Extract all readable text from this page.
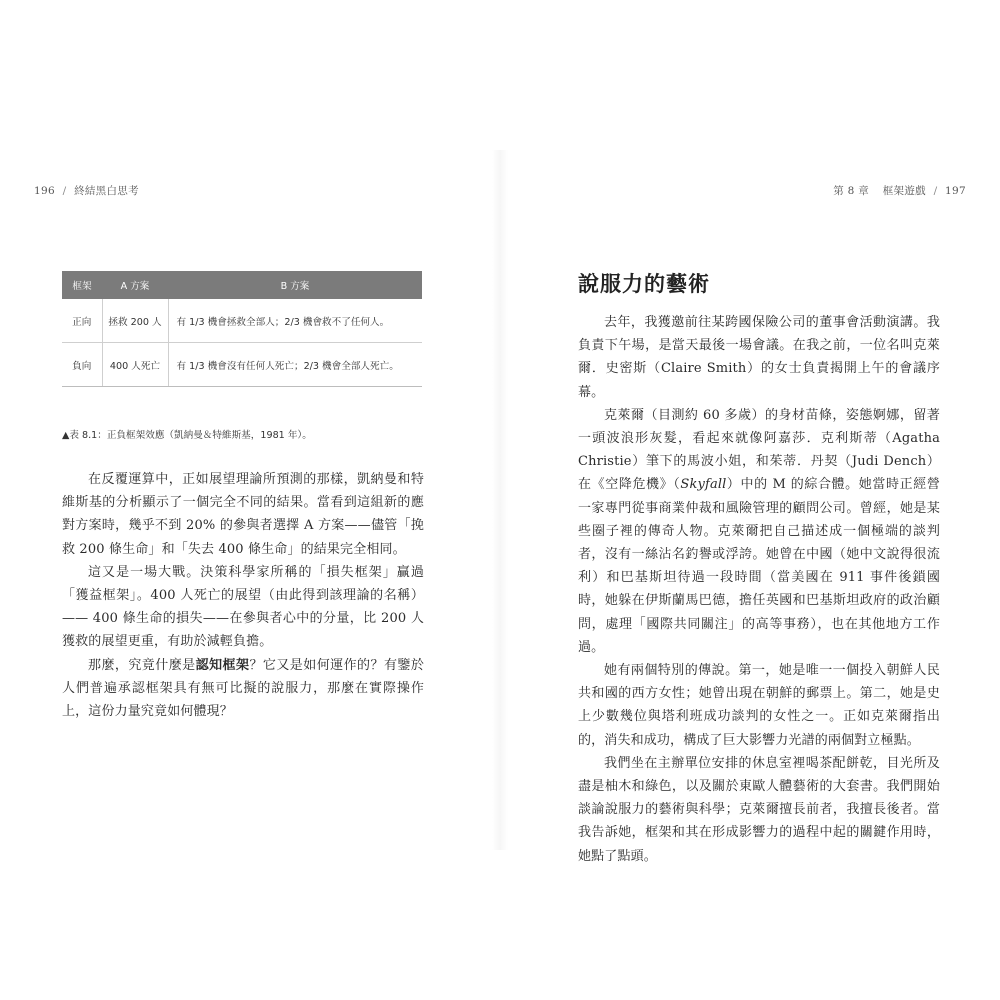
196 / 終結黑白思考	第 8 章 框架遊戲 / 197
框架	A 方案	B 方案
正向	拯救 200 人	有 1/3 機會拯救全部人；2/3 機會救不了任何人。
負向	400 人死亡	有 1/3 機會沒有任何人死亡；2/3 機會全部人死亡。
▲表 8.1：正負框架效應（凱納曼＆特維斯基，1981 年）。

在反覆運算中，正如展望理論所預測的那樣，凱納曼和特維斯基的分析顯示了一個完全不同的結果。當看到這組新的應對方案時，幾乎不到 20% 的參與者選擇 A 方案——儘管「挽救 200 條生命」和「失去 400 條生命」的結果完全相同。

這又是一場大戰。決策科學家所稱的「損失框架」贏過「獲益框架」。400 人死亡的展望（由此得到該理論的名稱）—— 400 條生命的損失——在參與者心中的分量，比 200 人獲救的展望更重，有助於減輕負擔。

那麼，究竟什麼是認知框架？它又是如何運作的？有鑒於人們普遍承認框架具有無可比擬的說服力，那麼在實際操作上，這份力量究竟如何體現？

說服力的藝術

去年，我獲邀前往某跨國保險公司的董事會活動演講。我負責下午場，是當天最後一場會議。在我之前，一位名叫克萊爾．史密斯（Claire Smith）的女士負責揭開上午的會議序幕。

克萊爾（目測約 60 多歲）的身材苗條，姿態婀娜，留著一頭波浪形灰髮，看起來就像阿嘉莎．克利斯蒂（Agatha Christie）筆下的馬波小姐，和茱蒂．丹契（Judi Dench）在《空降危機》（Skyfall）中的 M 的綜合體。她當時正經營一家專門從事商業仲裁和風險管理的顧問公司。曾經，她是某些圈子裡的傳奇人物。克萊爾把自己描述成一個極端的談判者，沒有一絲沾名釣譽或浮誇。她曾在中國（她中文說得很流利）和巴基斯坦待過一段時間（當美國在 911 事件後鎖國時，她躲在伊斯蘭馬巴德，擔任英國和巴基斯坦政府的政治顧問，處理「國際共同關注」的高等事務），也在其他地方工作過。

她有兩個特別的傳說。第一，她是唯一一個投入朝鮮人民共和國的西方女性；她曾出現在朝鮮的郵票上。第二，她是史上少數幾位與塔利班成功談判的女性之一。正如克萊爾指出的，消失和成功，構成了巨大影響力光譜的兩個對立極點。

我們坐在主辦單位安排的休息室裡喝茶配餅乾，目光所及盡是柚木和綠色，以及關於東歐人體藝術的大套書。我們開始談論說服力的藝術與科學；克萊爾擅長前者，我擅長後者。當我告訴她，框架和其在形成影響力的過程中起的關鍵作用時，她點了點頭。
